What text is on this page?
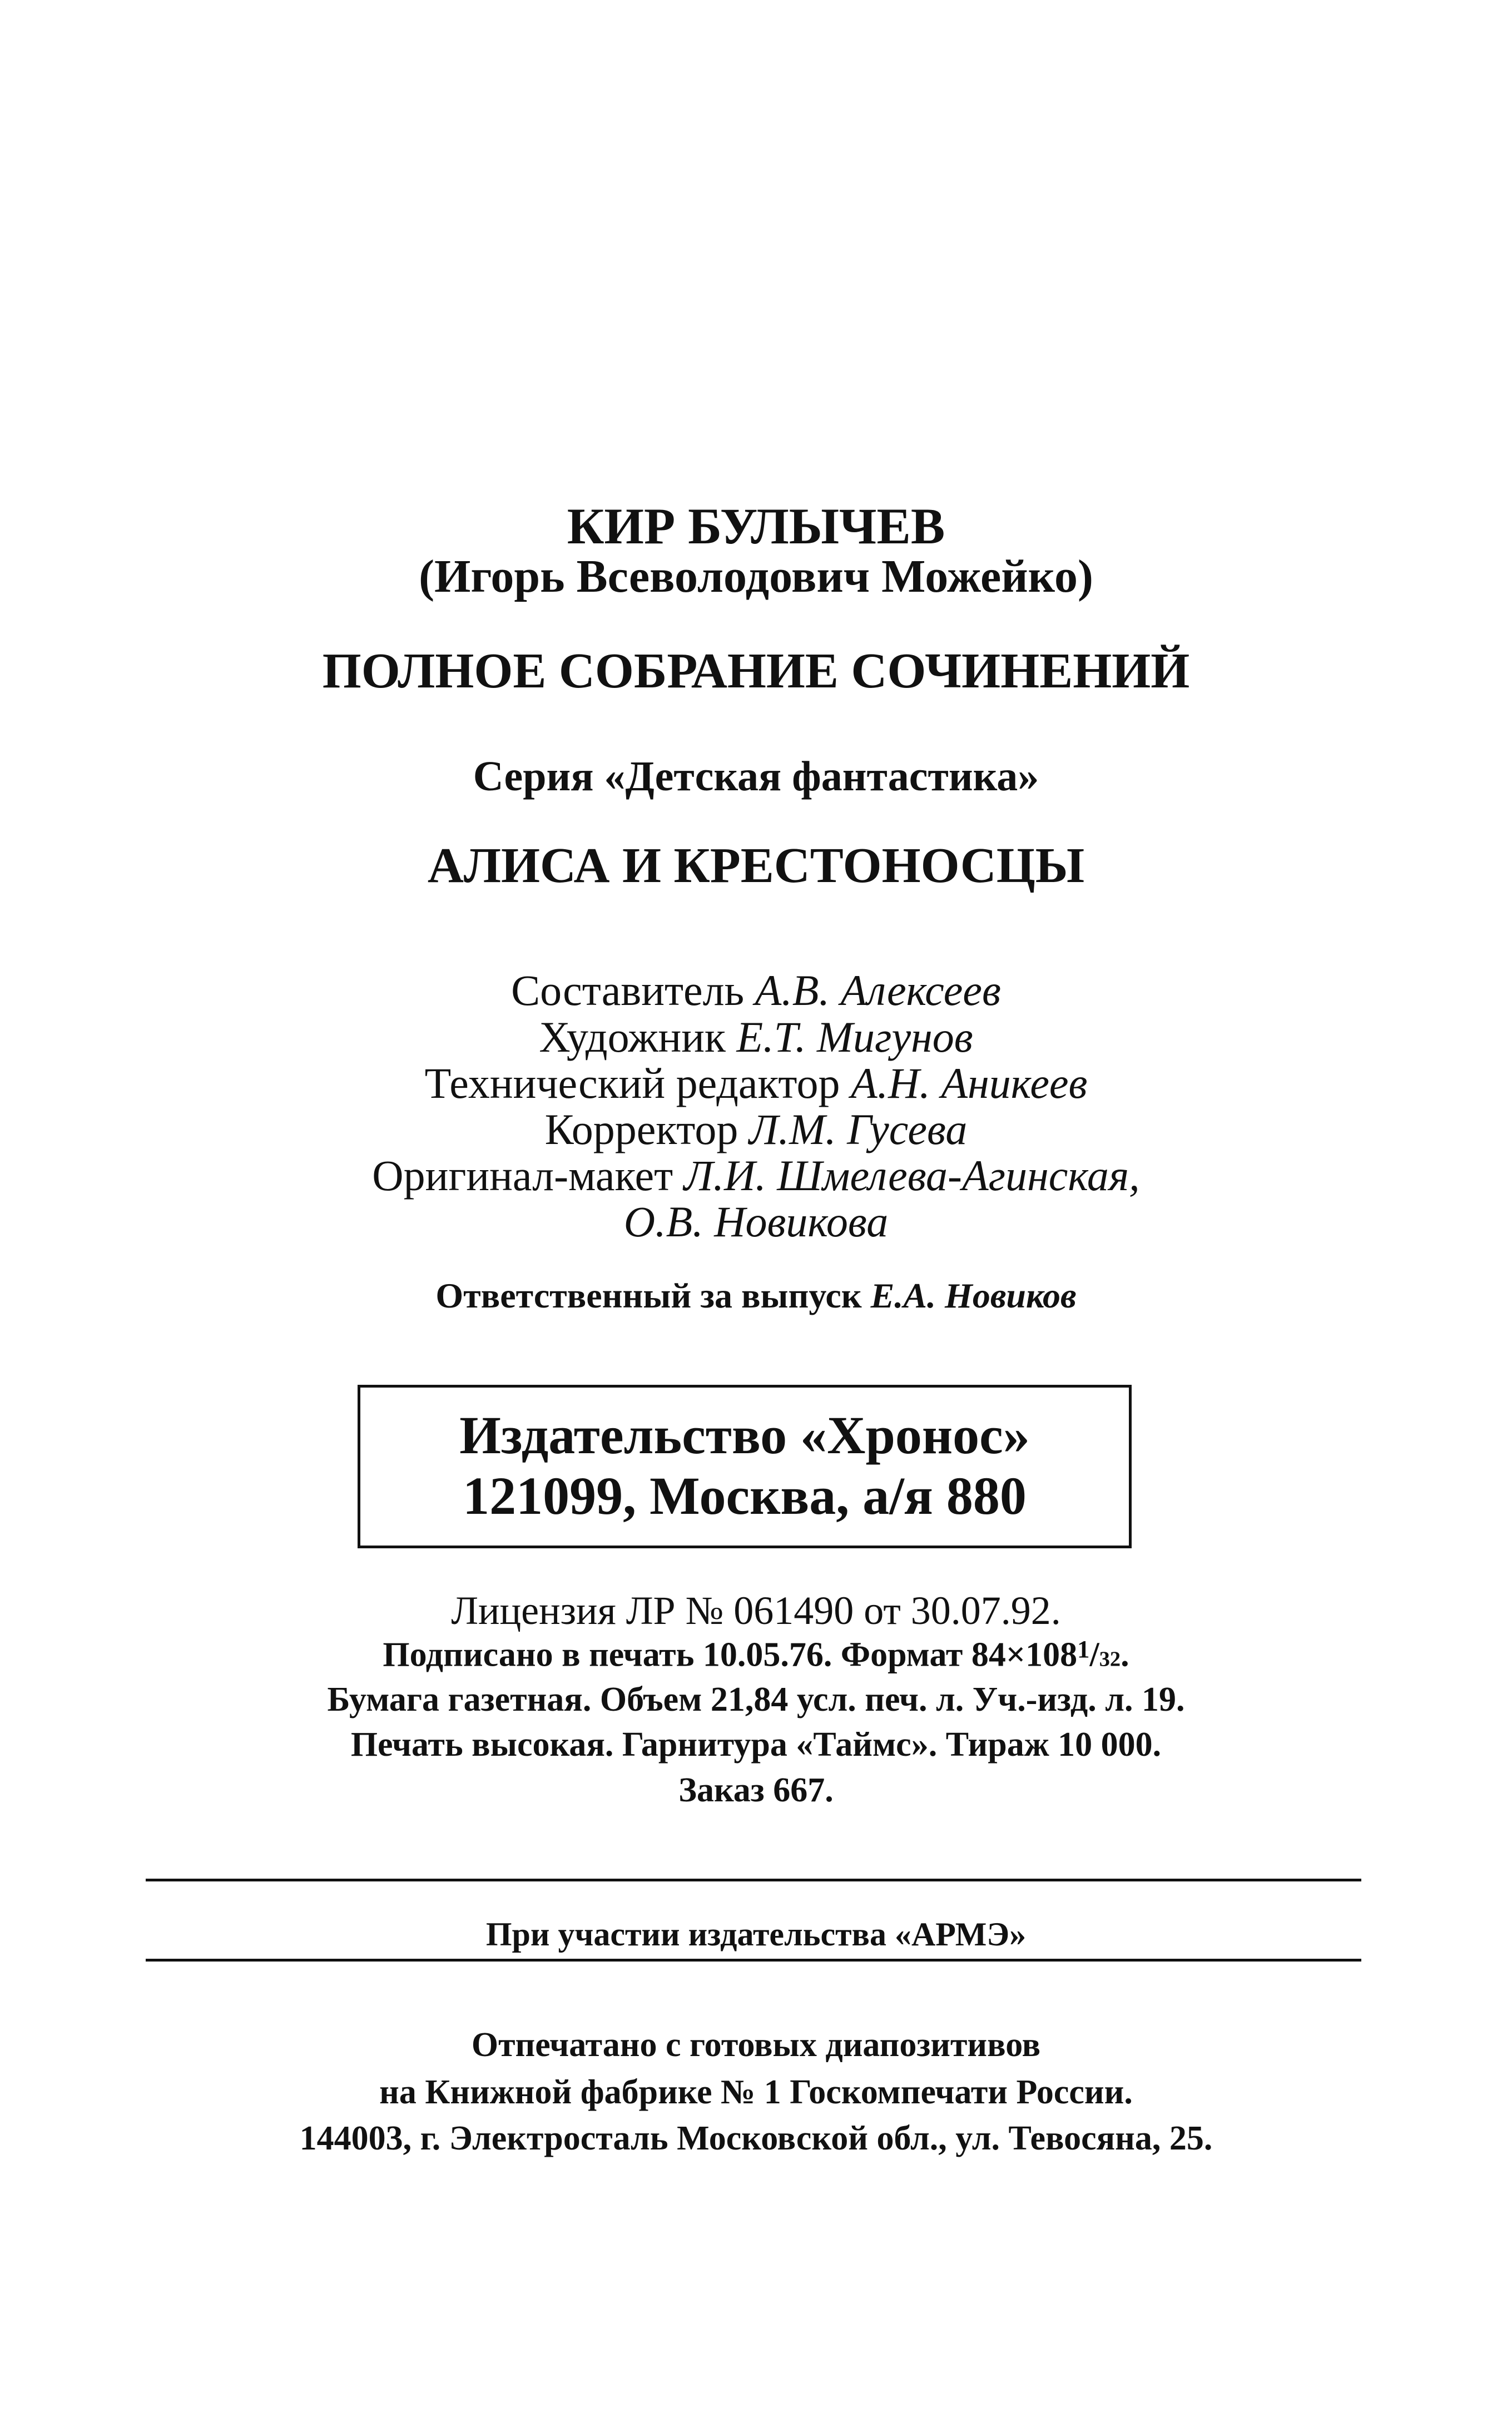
КИР БУЛЫЧЕВ
(Игорь Всеволодович Можейко)
ПОЛНОЕ СОБРАНИЕ СОЧИНЕНИЙ
Серия «Детская фантастика»
АЛИСА И КРЕСТОНОСЦЫ
Составитель А.В. Алексеев
Художник Е.Т. Мигунов
Технический редактор А.Н. Аникеев
Корректор Л.М. Гусева
Оригинал-макет Л.И. Шмелева-Агинская,
О.В. Новикова
Ответственный за выпуск Е.А. Новиков
Издательство «Хронос»
121099, Москва, а/я 880
Лицензия ЛР № 061490 от 30.07.92.
Подписано в печать 10.05.76. Формат $84\times 108^1/32$.
Бумага газетная. Объем 21,84 усл. печ. л. Уч.-изд. л. 19.
Печать высокая. Гарнитура «Таймс». Тираж 10 000.
Заказ 667.
При участии издательства «АРМЭ»
Отпечатано с готовых диапозитивов
на Книжной фабрике № 1 Госкомпечати России.
144003, г. Электросталь Московской обл., ул. Тевосяна, 25.
